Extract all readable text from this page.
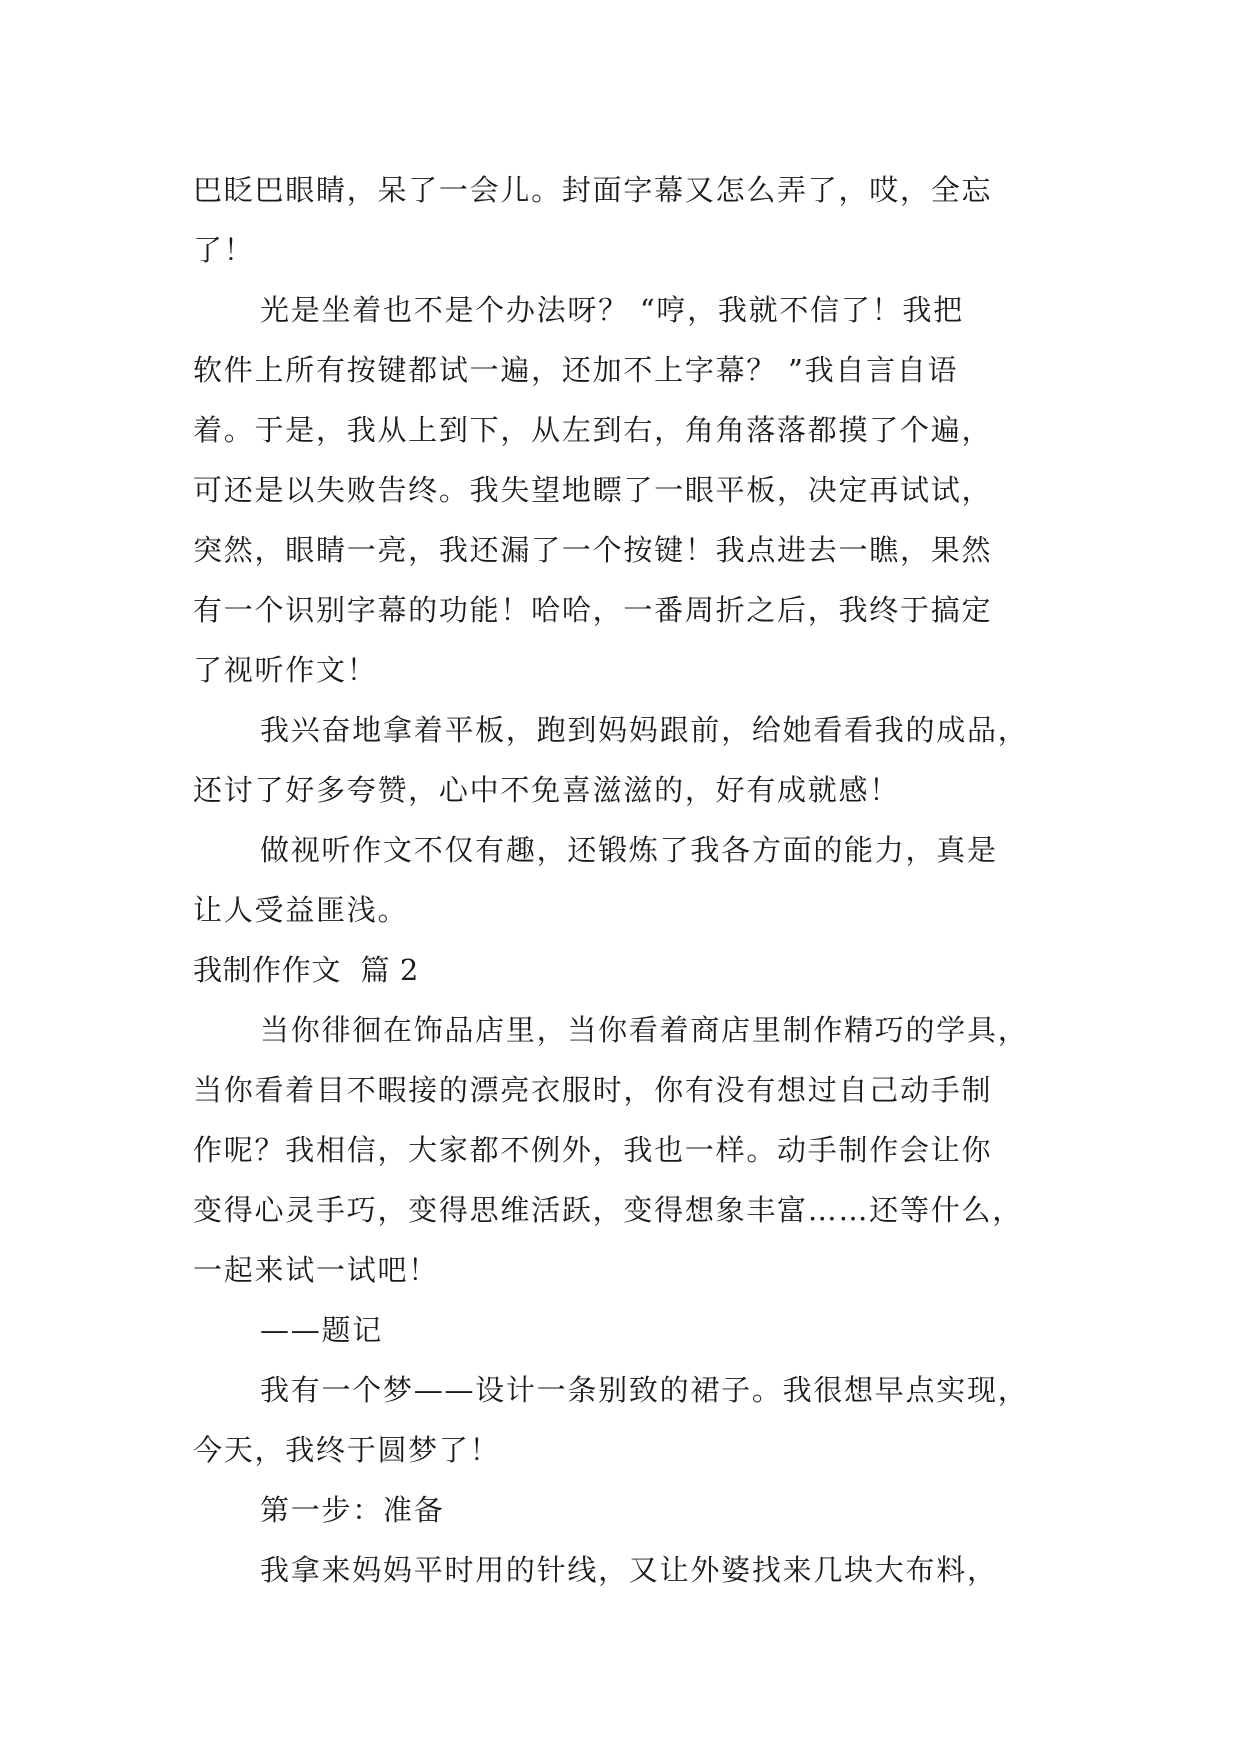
巴眨巴眼睛，呆了一会儿。封面字幕又怎么弄了，哎，全忘
了！
光是坐着也不是个办法呀？ “哼，我就不信了！我把
软件上所有按键都试一遍，还加不上字幕？ ”我自言自语
着。于是，我从上到下，从左到右，角角落落都摸了个遍，
可还是以失败告终。我失望地瞟了一眼平板，决定再试试，
突然，眼睛一亮，我还漏了一个按键！我点进去一瞧，果然
有一个识别字幕的功能！哈哈，一番周折之后，我终于搞定
了视听作文！
我兴奋地拿着平板，跑到妈妈跟前，给她看看我的成品，
还讨了好多夸赞，心中不免喜滋滋的，好有成就感！
做视听作文不仅有趣，还锻炼了我各方面的能力，真是
让人受益匪浅。
我制作作文  篇 2
当你徘徊在饰品店里，当你看着商店里制作精巧的学具，
当你看着目不暇接的漂亮衣服时，你有没有想过自己动手制
作呢？我相信，大家都不例外，我也一样。动手制作会让你
变得心灵手巧，变得思维活跃，变得想象丰富……还等什么，
一起来试一试吧！
——题记
我有一个梦——设计一条别致的裙子。我很想早点实现，
今天，我终于圆梦了！
第一步：准备
我拿来妈妈平时用的针线，又让外婆找来几块大布料，
